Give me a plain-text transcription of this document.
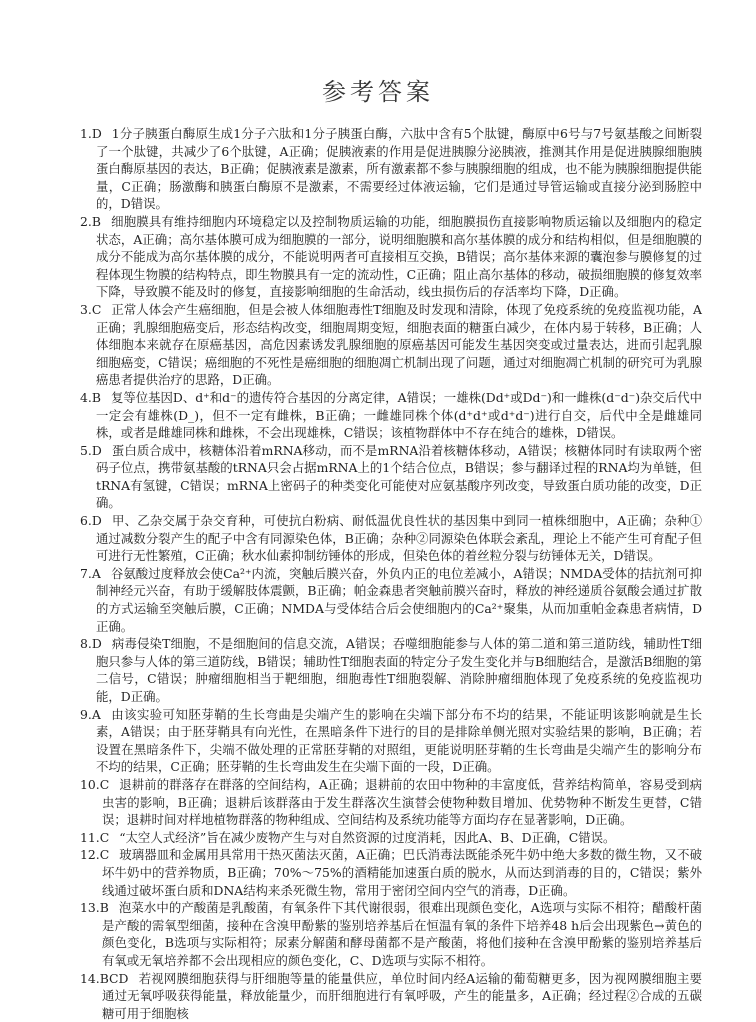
参考答案

1.D 1分子胰蛋白酶原生成1分子六肽和1分子胰蛋白酶，六肽中含有5个肽键，酶原中6号与7号氨基酸之间断裂了一个肽键，共减少了6个肽键，A正确；促胰液素的作用是促进胰腺分泌胰液，推测其作用是促进胰腺细胞胰蛋白酶原基因的表达，B正确；促胰液素是激素，所有激素都不参与胰腺细胞的组成，也不能为胰腺细胞提供能量，C正确；肠激酶和胰蛋白酶原不是激素，不需要经过体液运输，它们是通过导管运输或直接分泌到肠腔中的，D错误。

2.B 细胞膜具有维持细胞内环境稳定以及控制物质运输的功能，细胞膜损伤直接影响物质运输以及细胞内的稳定状态，A正确；高尔基体膜可成为细胞膜的一部分，说明细胞膜和高尔基体膜的成分和结构相似，但是细胞膜的成分不能成为高尔基体膜的成分，不能说明两者可直接相互交换，B错误；高尔基体来源的囊泡参与膜修复的过程体现生物膜的结构特点，即生物膜具有一定的流动性，C正确；阻止高尔基体的移动，破损细胞膜的修复效率下降，导致膜不能及时的修复，直接影响细胞的生命活动，线虫损伤后的存活率均下降，D正确。

3.C 正常人体会产生癌细胞，但是会被人体细胞毒性T细胞及时发现和清除，体现了免疫系统的免疫监视功能，A正确；乳腺细胞癌变后，形态结构改变，细胞周期变短，细胞表面的糖蛋白减少，在体内易于转移，B正确；人体细胞本来就存在原癌基因，高危因素诱发乳腺细胞的原癌基因可能发生基因突变或过量表达，进而引起乳腺细胞癌变，C错误；癌细胞的不死性是癌细胞的细胞凋亡机制出现了问题，通过对细胞凋亡机制的研究可为乳腺癌患者提供治疗的思路，D正确。

4.B 复等位基因D、d⁺和d⁻的遗传符合基因的分离定律，A错误；一雄株(Dd⁺或Dd⁻)和一雌株(d⁻d⁻)杂交后代中一定会有雄株(D_)，但不一定有雌株，B正确；一雌雄同株个体(d⁺d⁺或d⁺d⁻)进行自交，后代中全是雌雄同株，或者是雌雄同株和雌株，不会出现雄株，C错误；该植物群体中不存在纯合的雄株，D错误。

5.D 蛋白质合成中，核糖体沿着mRNA移动，而不是mRNA沿着核糖体移动，A错误；核糖体同时有读取两个密码子位点，携带氨基酸的tRNA只会占据mRNA上的1个结合位点，B错误；参与翻译过程的RNA均为单链，但tRNA有氢键，C错误；mRNA上密码子的种类变化可能使对应氨基酸序列改变，导致蛋白质功能的改变，D正确。

6.D 甲、乙杂交属于杂交育种，可使抗白粉病、耐低温优良性状的基因集中到同一植株细胞中，A正确；杂种①通过减数分裂产生的配子中含有同源染色体，B正确；杂种②同源染色体联会紊乱，理论上不能产生可育配子但可进行无性繁殖，C正确；秋水仙素抑制纺锤体的形成，但染色体的着丝粒分裂与纺锤体无关，D错误。

7.A 谷氨酸过度释放会使Ca²⁺内流，突触后膜兴奋，外负内正的电位差减小，A错误；NMDA受体的拮抗剂可抑制神经元兴奋，有助于缓解肢体震颤，B正确；帕金森患者突触前膜兴奋时，释放的神经递质谷氨酸会通过扩散的方式运输至突触后膜，C正确；NMDA与受体结合后会使细胞内的Ca²⁺聚集，从而加重帕金森患者病情，D正确。

8.D 病毒侵染T细胞，不是细胞间的信息交流，A错误；吞噬细胞能参与人体的第二道和第三道防线，辅助性T细胞只参与人体的第三道防线，B错误；辅助性T细胞表面的特定分子发生变化并与B细胞结合，是激活B细胞的第二信号，C错误；肿瘤细胞相当于靶细胞，细胞毒性T细胞裂解、消除肿瘤细胞体现了免疫系统的免疫监视功能，D正确。

9.A 由该实验可知胚芽鞘的生长弯曲是尖端产生的影响在尖端下部分布不均的结果，不能证明该影响就是生长素，A错误；由于胚芽鞘具有向光性，在黑暗条件下进行的目的是排除单侧光照对实验结果的影响，B正确；若设置在黑暗条件下，尖端不做处理的正常胚芽鞘的对照组，更能说明胚芽鞘的生长弯曲是尖端产生的影响分布不均的结果，C正确；胚芽鞘的生长弯曲发生在尖端下面的一段，D正确。

10.C 退耕前的群落存在群落的空间结构，A正确；退耕前的农田中物种的丰富度低，营养结构简单，容易受到病虫害的影响，B正确；退耕后该群落由于发生群落次生演替会使物种数目增加、优势物种不断发生更替，C错误；退耕时间对样地植物群落的物种组成、空间结构及系统功能等方面均存在显著影响，D正确。

11.C “太空人式经济”旨在减少废物产生与对自然资源的过度消耗，因此A、B、D正确，C错误。

12.C 玻璃器皿和金属用具常用干热灭菌法灭菌，A正确；巴氏消毒法既能杀死牛奶中绝大多数的微生物，又不破坏牛奶中的营养物质，B正确；70%～75%的酒精能加速蛋白质的脱水，从而达到消毒的目的，C错误；紫外线通过破坏蛋白质和DNA结构来杀死微生物，常用于密闭空间内空气的消毒，D正确。

13.B 泡菜水中的产酸菌是乳酸菌，有氧条件下其代谢很弱，很难出现颜色变化，A选项与实际不相符；醋酸杆菌是产酸的需氧型细菌，接种在含溴甲酚紫的鉴别培养基后在恒温有氧的条件下培养48 h后会出现紫色→黄色的颜色变化，B选项与实际相符；尿素分解菌和酵母菌都不是产酸菌，将他们接种在含溴甲酚紫的鉴别培养基后有氧或无氧培养都不会出现相应的颜色变化，C、D选项与实际不相符。

14.BCD 若视网膜细胞获得与肝细胞等量的能量供应，单位时间内经A运输的葡萄糖更多，因为视网膜细胞主要通过无氧呼吸获得能量，释放能量少，而肝细胞进行有氧呼吸，产生的能量多，A正确；经过程②合成的五碳糖可用于细胞核
